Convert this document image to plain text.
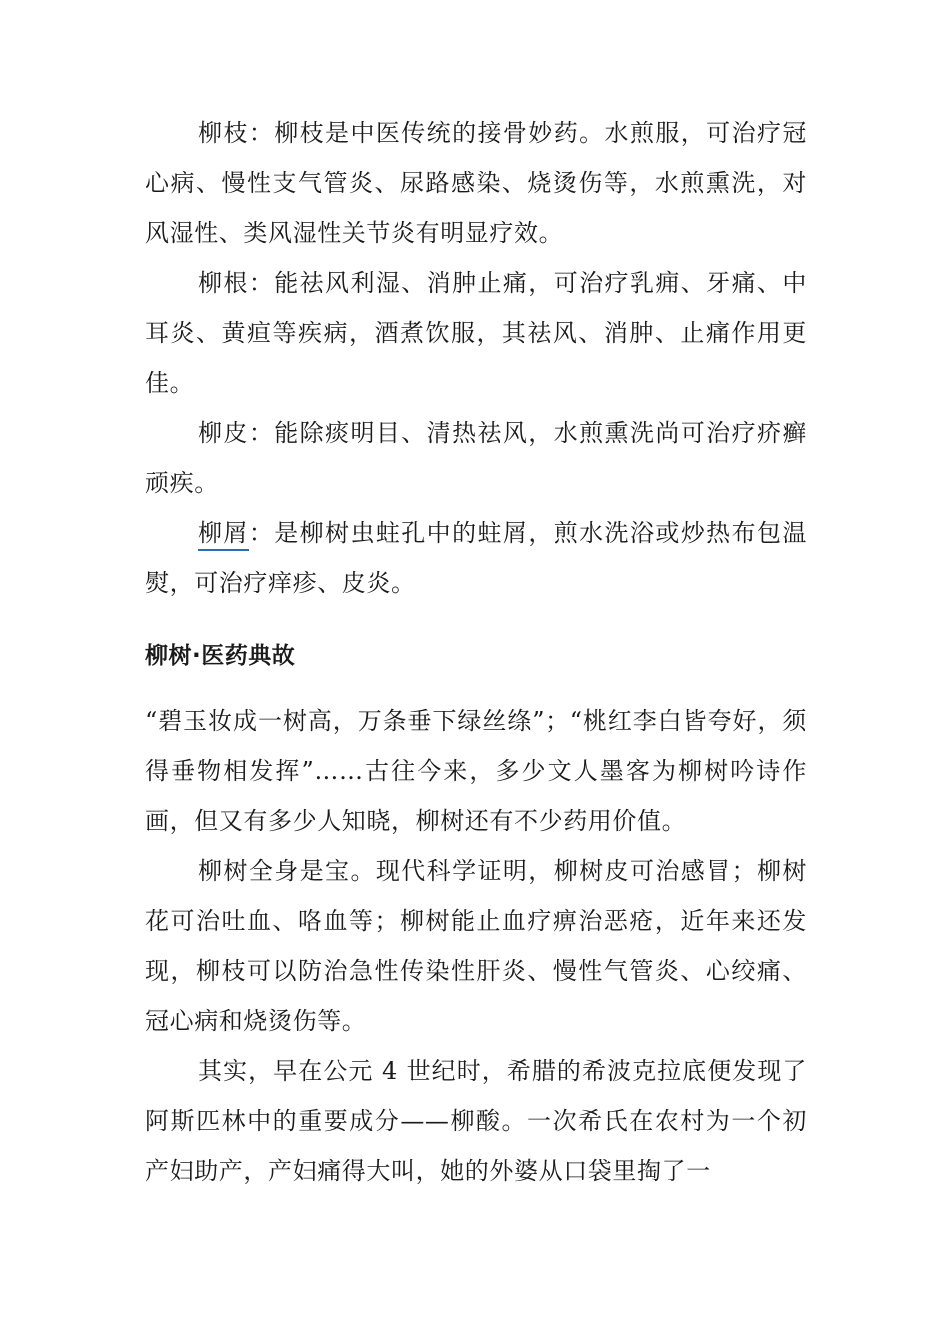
柳枝：柳枝是中医传统的接骨妙药。水煎服，可治疗冠心病、慢性支气管炎、尿路感染、烧烫伤等，水煎熏洗，对风湿性、类风湿性关节炎有明显疗效。

柳根：能祛风利湿、消肿止痛，可治疗乳痈、牙痛、中耳炎、黄疸等疾病，酒煮饮服，其祛风、消肿、止痛作用更佳。

柳皮：能除痰明目、清热祛风，水煎熏洗尚可治疗疥癣顽疾。

柳屑：是柳树虫蛀孔中的蛀屑，煎水洗浴或炒热布包温熨，可治疗痒疹、皮炎。

柳树·医药典故

“碧玉妆成一树高，万条垂下绿丝绦”；“桃红李白皆夸好，须得垂物相发挥”……古往今来，多少文人墨客为柳树吟诗作画，但又有多少人知晓，柳树还有不少药用价值。

柳树全身是宝。现代科学证明，柳树皮可治感冒；柳树花可治吐血、咯血等；柳树能止血疗痹治恶疮，近年来还发现，柳枝可以防治急性传染性肝炎、慢性气管炎、心绞痛、冠心病和烧烫伤等。

其实，早在公元 4 世纪时，希腊的希波克拉底便发现了阿斯匹林中的重要成分——柳酸。一次希氏在农村为一个初产妇助产，产妇痛得大叫，她的外婆从口袋里掏了一
